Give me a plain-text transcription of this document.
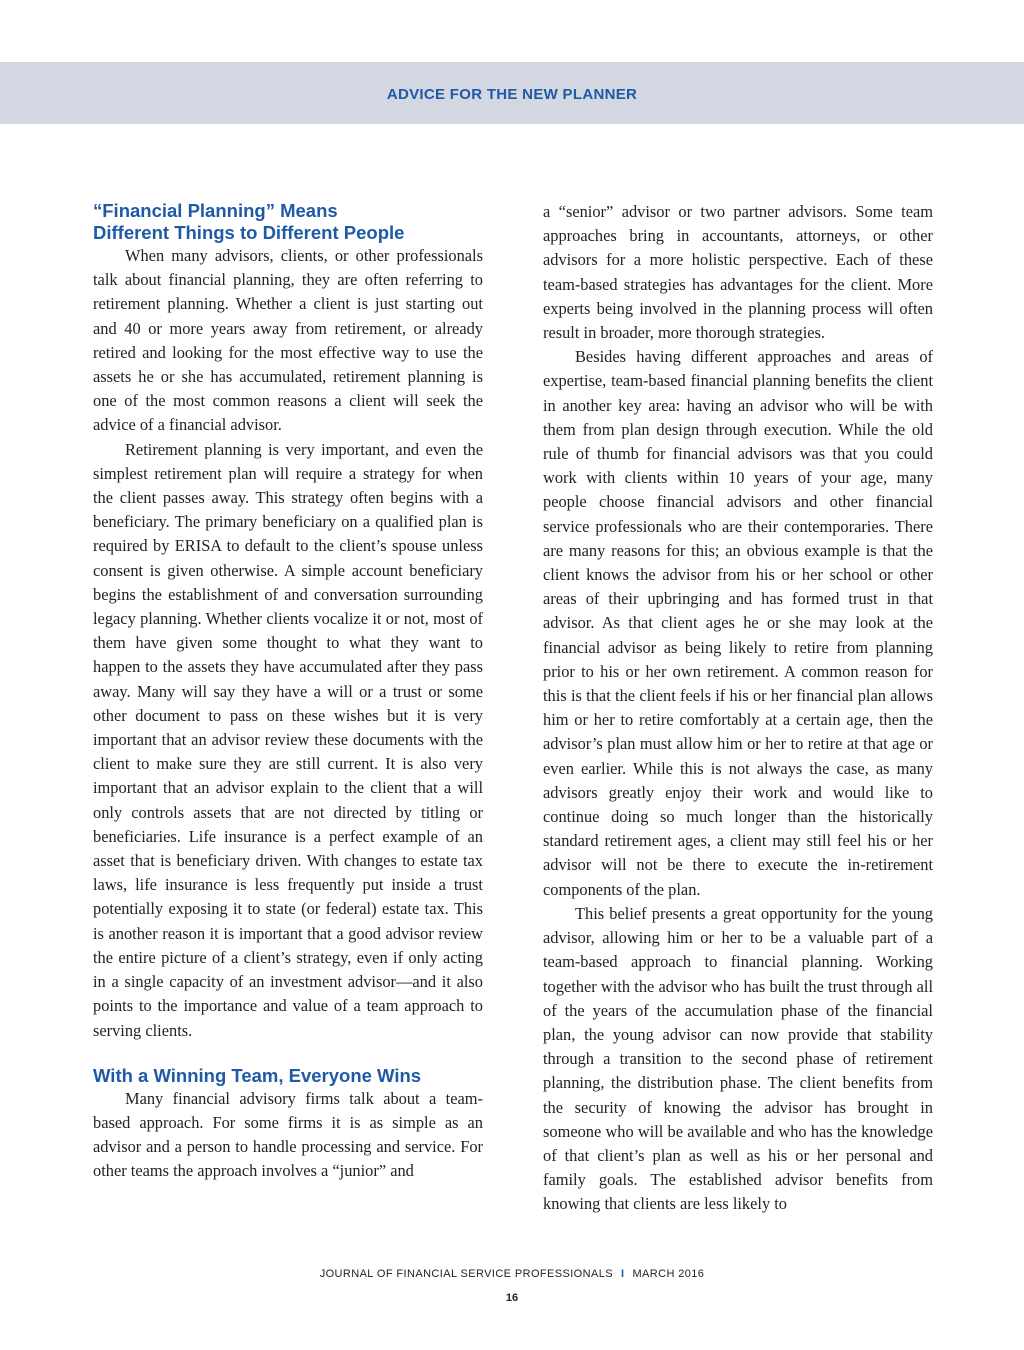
ADVICE FOR THE NEW PLANNER
“Financial Planning” Means
Different Things to Different People

When many advisors, clients, or other professionals talk about financial planning, they are often referring to retirement planning. Whether a client is just starting out and 40 or more years away from retirement, or already retired and looking for the most effective way to use the assets he or she has accumulated, retirement planning is one of the most common reasons a client will seek the advice of a financial advisor.

Retirement planning is very important, and even the simplest retirement plan will require a strategy for when the client passes away. This strategy often begins with a beneficiary. The primary beneficiary on a qualified plan is required by ERISA to default to the client’s spouse unless consent is given otherwise. A simple account beneficiary begins the establishment of and conversation surrounding legacy planning. Whether clients vocalize it or not, most of them have given some thought to what they want to happen to the assets they have accumulated after they pass away. Many will say they have a will or a trust or some other document to pass on these wishes but it is very important that an advisor review these documents with the client to make sure they are still current. It is also very important that an advisor explain to the client that a will only controls assets that are not directed by titling or beneficiaries. Life insurance is a perfect example of an asset that is beneficiary driven. With changes to estate tax laws, life insurance is less frequently put inside a trust potentially exposing it to state (or federal) estate tax. This is another reason it is important that a good advisor review the entire picture of a client’s strategy, even if only acting in a single capacity of an investment advisor—and it also points to the importance and value of a team approach to serving clients.

With a Winning Team, Everyone Wins

Many financial advisory firms talk about a team-based approach. For some firms it is as simple as an advisor and a person to handle processing and service. For other teams the approach involves a “junior” and

a “senior” advisor or two partner advisors. Some team approaches bring in accountants, attorneys, or other advisors for a more holistic perspective. Each of these team-based strategies has advantages for the client. More experts being involved in the planning process will often result in broader, more thorough strategies.

Besides having different approaches and areas of expertise, team-based financial planning benefits the client in another key area: having an advisor who will be with them from plan design through execution. While the old rule of thumb for financial advisors was that you could work with clients within 10 years of your age, many people choose financial advisors and other financial service professionals who are their contemporaries. There are many reasons for this; an obvious example is that the client knows the advisor from his or her school or other areas of their upbringing and has formed trust in that advisor. As that client ages he or she may look at the financial advisor as being likely to retire from planning prior to his or her own retirement. A common reason for this is that the client feels if his or her financial plan allows him or her to retire comfortably at a certain age, then the advisor’s plan must allow him or her to retire at that age or even earlier. While this is not always the case, as many advisors greatly enjoy their work and would like to continue doing so much longer than the historically standard retirement ages, a client may still feel his or her advisor will not be there to execute the in-retirement components of the plan.

This belief presents a great opportunity for the young advisor, allowing him or her to be a valuable part of a team-based approach to financial planning. Working together with the advisor who has built the trust through all of the years of the accumulation phase of the financial plan, the young advisor can now provide that stability through a transition to the second phase of retirement planning, the distribution phase. The client benefits from the security of knowing the advisor has brought in someone who will be available and who has the knowledge of that client’s plan as well as his or her personal and family goals. The established advisor benefits from knowing that clients are less likely to

JOURNAL OF FINANCIAL SERVICE PROFESSIONALS I MARCH 2016
16
